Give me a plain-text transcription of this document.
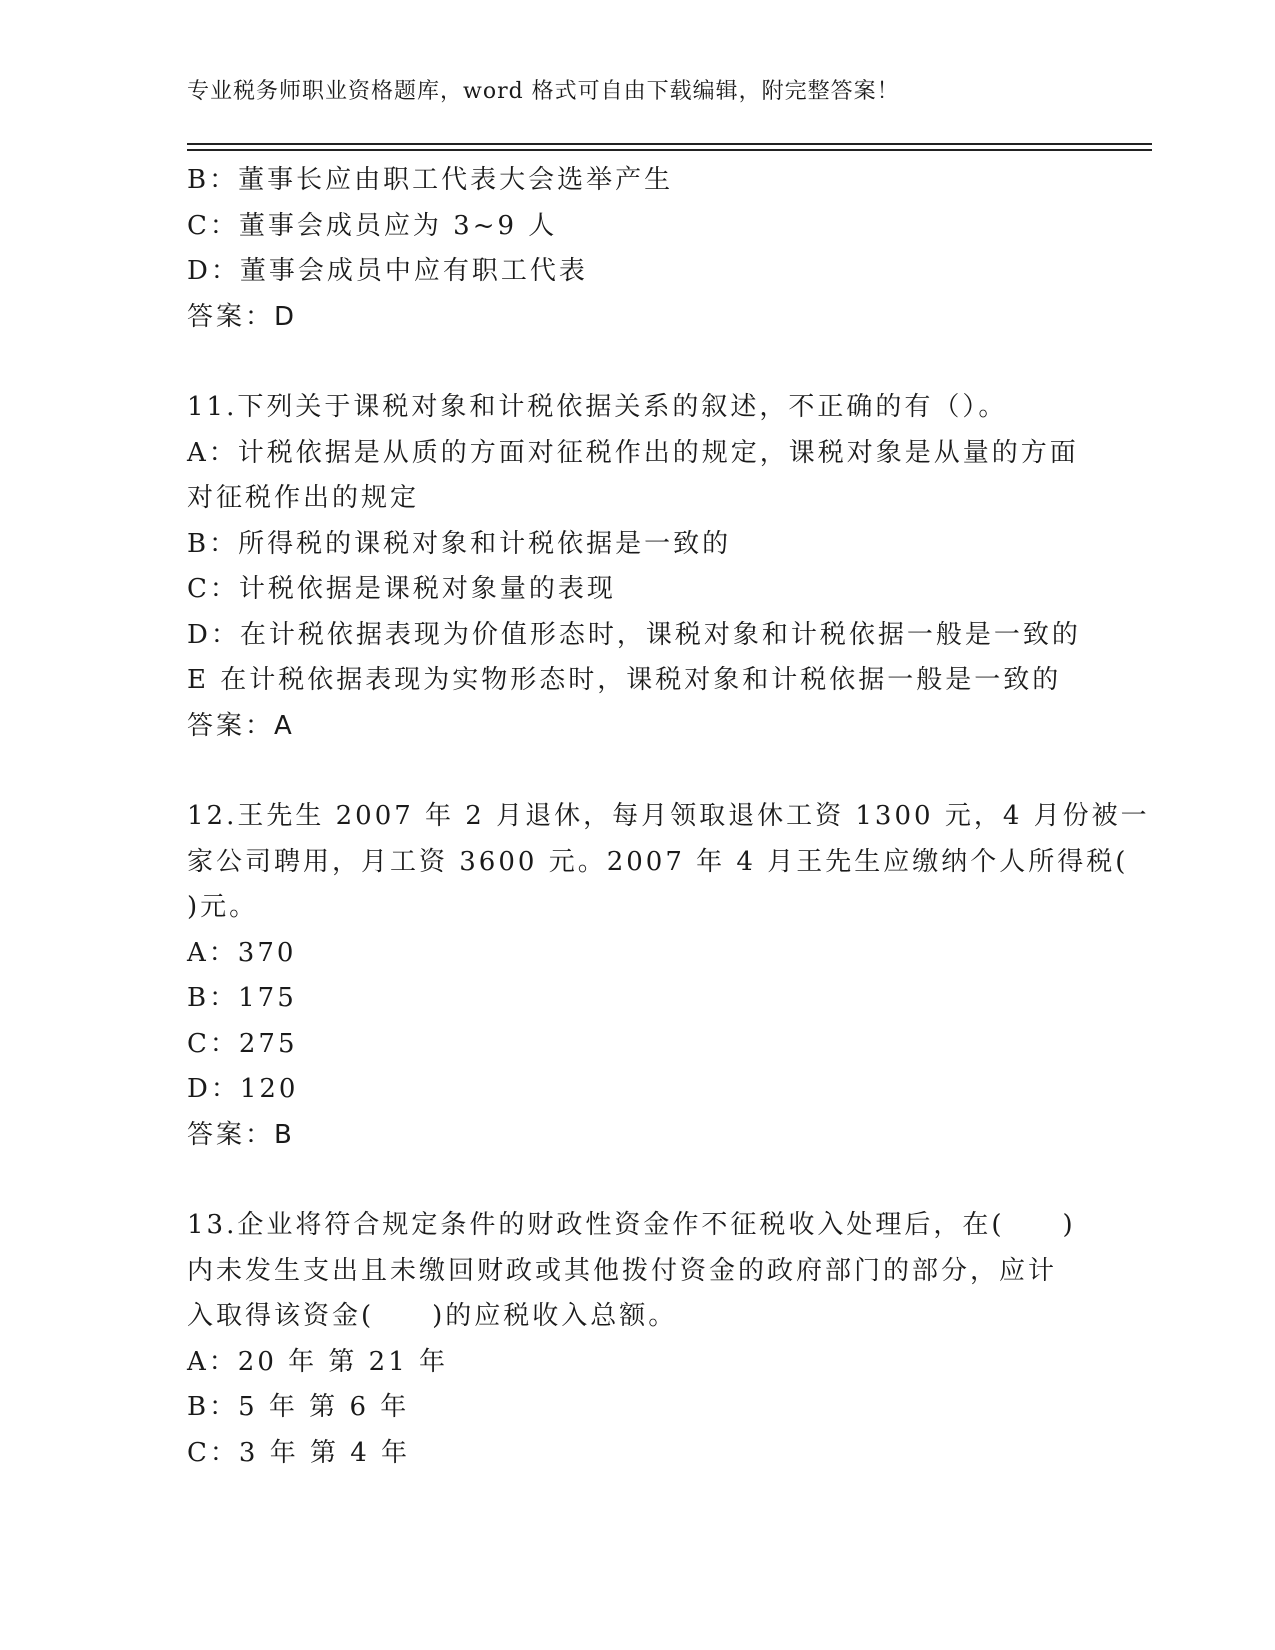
专业税务师职业资格题库，word 格式可自由下载编辑，附完整答案！
B：董事长应由职工代表大会选举产生
C：董事会成员应为 3~9 人
D：董事会成员中应有职工代表
答案：D
11.下列关于课税对象和计税依据关系的叙述，不正确的有（）。
A：计税依据是从质的方面对征税作出的规定，课税对象是从量的方面
对征税作出的规定
B：所得税的课税对象和计税依据是一致的
C：计税依据是课税对象量的表现
D：在计税依据表现为价值形态时，课税对象和计税依据一般是一致的
E 在计税依据表现为实物形态时，课税对象和计税依据一般是一致的
答案：A
12.王先生 2007 年 2 月退休，每月领取退休工资 1300 元，4 月份被一
家公司聘用，月工资 3600 元。2007 年 4 月王先生应缴纳个人所得税(
)元。
A：370
B：175
C：275
D：120
答案：B
13.企业将符合规定条件的财政性资金作不征税收入处理后，在(　　)
内未发生支出且未缴回财政或其他拨付资金的政府部门的部分，应计
入取得该资金(　　)的应税收入总额。
A：20 年 第 21 年
B：5 年 第 6 年
C：3 年 第 4 年
